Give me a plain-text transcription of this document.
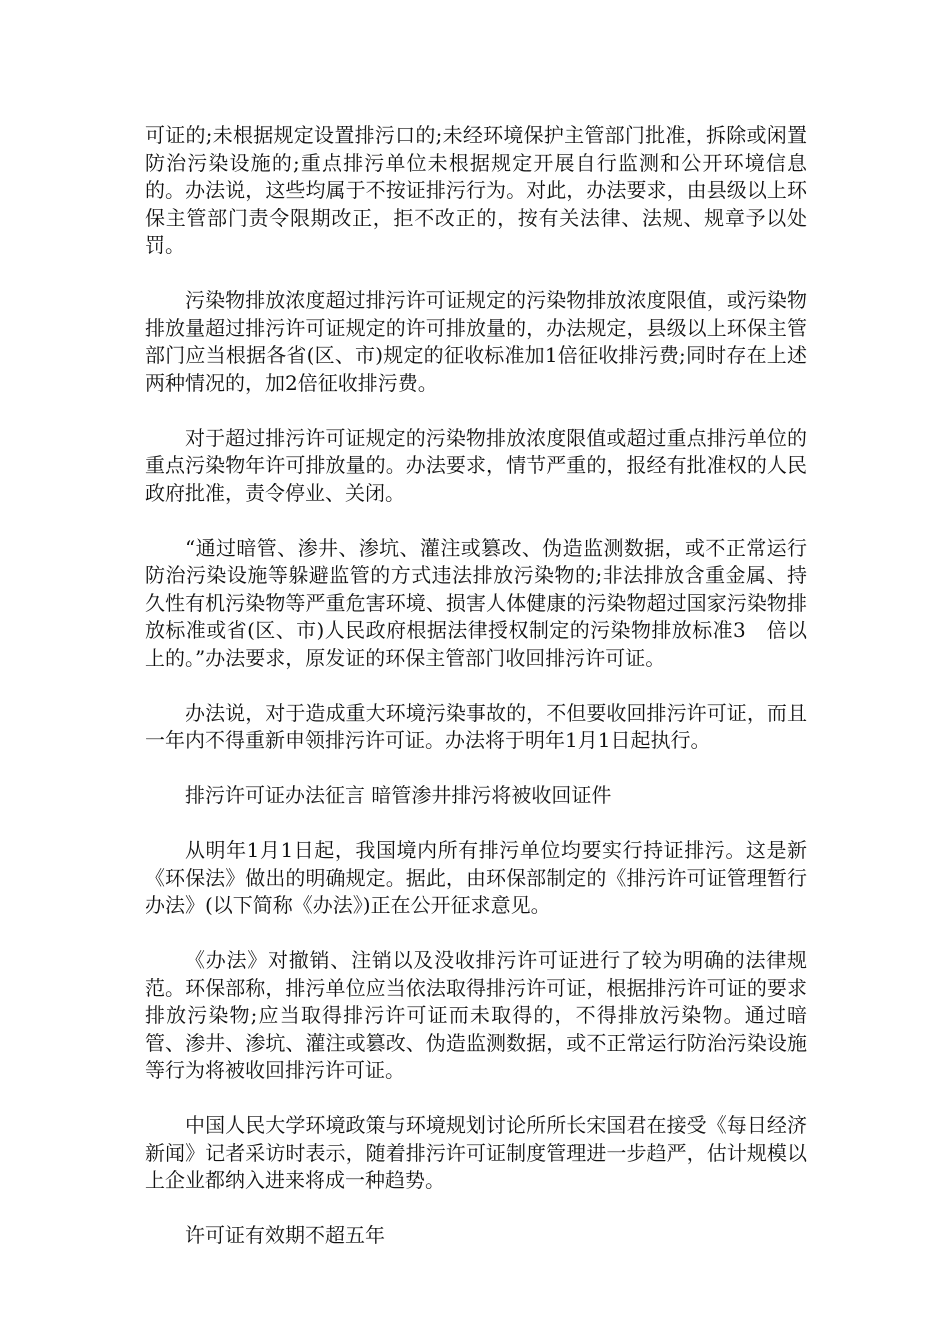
可证的;未根据规定设置排污口的;未经环境保护主管部门批准，拆除或闲置防治污染设施的;重点排污单位未根据规定开展自行监测和公开环境信息的。办法说，这些均属于不按证排污行为。对此，办法要求，由县级以上环保主管部门责令限期改正，拒不改正的，按有关法律、法规、规章予以处罚。

污染物排放浓度超过排污许可证规定的污染物排放浓度限值，或污染物排放量超过排污许可证规定的许可排放量的，办法规定，县级以上环保主管部门应当根据各省(区、市)规定的征收标准加1倍征收排污费;同时存在上述两种情况的，加2倍征收排污费。

对于超过排污许可证规定的污染物排放浓度限值或超过重点排污单位的重点污染物年许可排放量的。办法要求，情节严重的，报经有批准权的人民政府批准，责令停业、关闭。

“通过暗管、渗井、渗坑、灌注或篡改、伪造监测数据，或不正常运行防治污染设施等躲避监管的方式违法排放污染物的;非法排放含重金属、持久性有机污染物等严重危害环境、损害人体健康的污染物超过国家污染物排放标准或省(区、市)人民政府根据法律授权制定的污染物排放标准3　倍以上的。”办法要求，原发证的环保主管部门收回排污许可证。

办法说，对于造成重大环境污染事故的，不但要收回排污许可证，而且一年内不得重新申领排污许可证。办法将于明年1月1日起执行。

排污许可证办法征言 暗管渗井排污将被收回证件

从明年1月1日起，我国境内所有排污单位均要实行持证排污。这是新《环保法》做出的明确规定。据此，由环保部制定的《排污许可证管理暂行办法》(以下简称《办法》)正在公开征求意见。

《办法》对撤销、注销以及没收排污许可证进行了较为明确的法律规范。环保部称，排污单位应当依法取得排污许可证，根据排污许可证的要求排放污染物;应当取得排污许可证而未取得的，不得排放污染物。通过暗管、渗井、渗坑、灌注或篡改、伪造监测数据，或不正常运行防治污染设施等行为将被收回排污许可证。

中国人民大学环境政策与环境规划讨论所所长宋国君在接受《每日经济新闻》记者采访时表示，随着排污许可证制度管理进一步趋严，估计规模以上企业都纳入进来将成一种趋势。

许可证有效期不超五年
